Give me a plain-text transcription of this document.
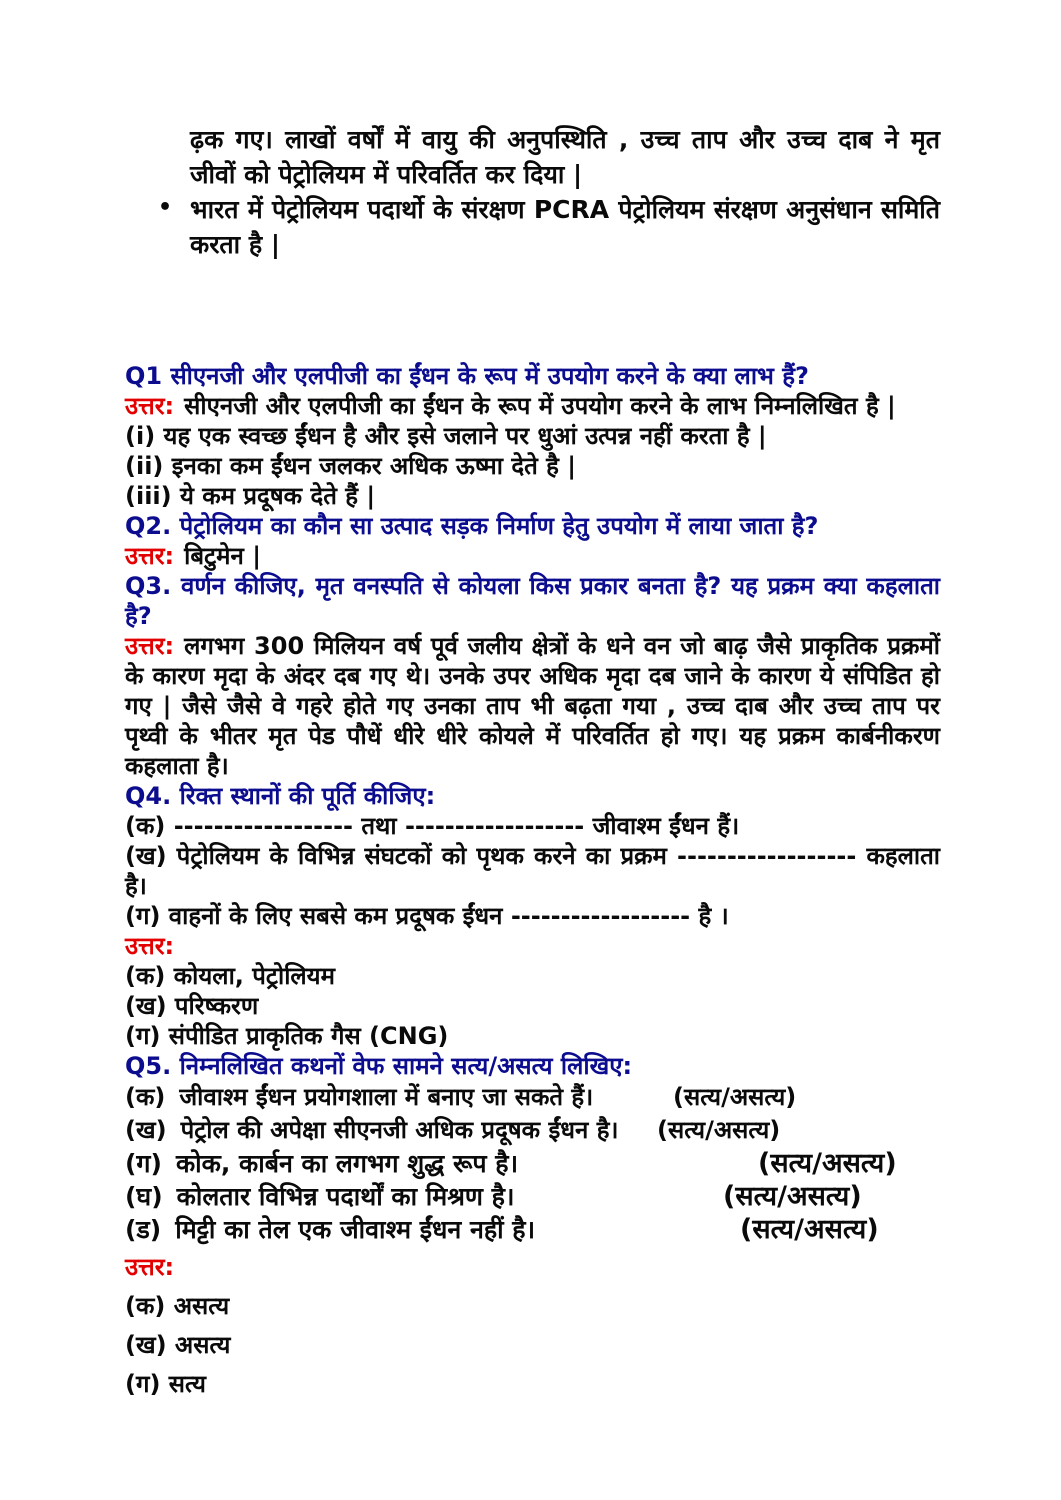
ढ़क गए। लाखों वर्षों में वायु की अनुपस्थिति , उच्च ताप और उच्च दाब ने मृत जीवों को पेट्रोलियम में परिवर्तित कर दिया |

• भारत में पेट्रोलियम पदार्थो के संरक्षण PCRA पेट्रोलियम संरक्षण अनुसंधान समिति करता है |

Q1 सीएनजी और एलपीजी का ईंधन के रूप में उपयोग करने के क्या लाभ हैं?

उत्तर: सीएनजी और एलपीजी का ईंधन के रूप में उपयोग करने के लाभ निम्नलिखित है |

(i) यह एक स्वच्छ ईंधन है और इसे जलाने पर धुआं उत्पन्न नहीं करता है |

(ii) इनका कम ईंधन जलकर अधिक ऊष्मा देते है |

(iii) ये कम प्रदूषक देते हैं |

Q2. पेट्रोलियम का कौन सा उत्पाद सड़क निर्माण हेतु उपयोग में लाया जाता है?

उत्तर: बिटुमेन |

Q3. वर्णन कीजिए, मृत वनस्पति से कोयला किस प्रकार बनता है? यह प्रक्रम क्या कहलाता है?

उत्तर: लगभग 300 मिलियन वर्ष पूर्व जलीय क्षेत्रों के धने वन जो बाढ़ जैसे प्राकृतिक प्रक्रमों के कारण मृदा के अंदर दब गए थे। उनके उपर अधिक मृदा दब जाने के कारण ये संपिडित हो गए | जैसे जैसे वे गहरे होते गए उनका ताप भी बढ़ता गया , उच्च दाब और उच्च ताप पर पृथ्वी के भीतर मृत पेड पौधें धीरे धीरे कोयले में परिवर्तित हो गए। यह प्रक्रम कार्बनीकरण कहलाता है।

Q4. रिक्त स्थानों की पूर्ति कीजिए:

(क) ------------------ तथा ------------------ जीवाश्म ईंधन हैं।

(ख) पेट्रोलियम के विभिन्न संघटकों को पृथक करने का प्रक्रम ------------------ कहलाता है।

(ग) वाहनों के लिए सबसे कम प्रदूषक ईंधन ------------------ है ।

उत्तर:

(क) कोयला, पेट्रोलियम

(ख) परिष्करण

(ग) संपीडित प्राकृतिक गैस (CNG)

Q5. निम्नलिखित कथनों वेफ सामने सत्य/असत्य लिखिए:

(क) जीवाश्म ईंधन प्रयोगशाला में बनाए जा सकते हैं।	(सत्य/असत्य)
(ख) पेट्रोल की अपेक्षा सीएनजी अधिक प्रदूषक ईंधन है। (सत्य/असत्य)
(ग) कोक, कार्बन का लगभग शुद्ध रूप है।	(सत्य/असत्य)
(घ) कोलतार विभिन्न पदार्थों का मिश्रण है।	(सत्य/असत्य)
(ड) मिट्टी का तेल एक जीवाश्म ईंधन नहीं है।	(सत्य/असत्य)

उत्तर:

(क) असत्य

(ख) असत्य

(ग) सत्य
